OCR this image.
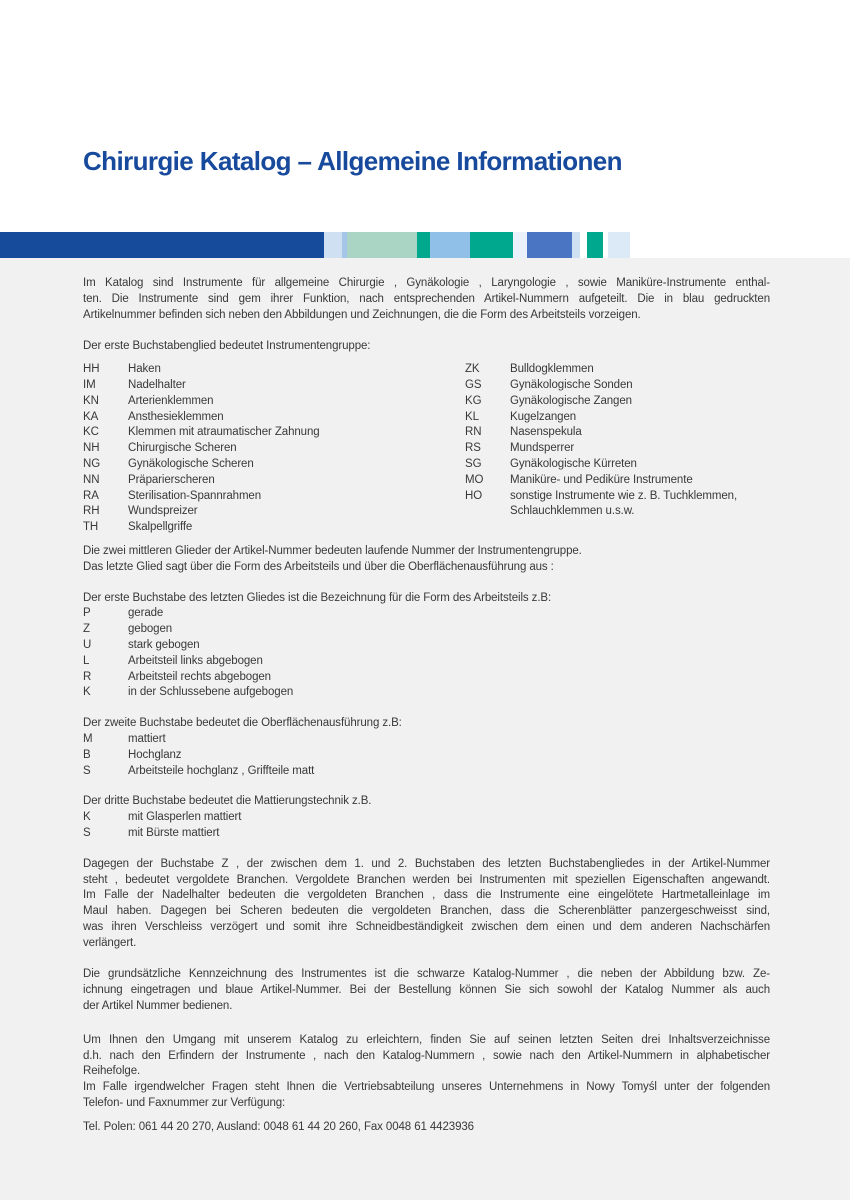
Chirurgie Katalog – Allgemeine Informationen
Im Katalog sind Instrumente für allgemeine Chirurgie , Gynäkologie , Laryngologie , sowie Maniküre-Instrumente enthal-
ten. Die Instrumente sind gem ihrer Funktion, nach entsprechenden Artikel-Nummern aufgeteilt. Die in blau gedruckten
Artikelnummer befinden sich neben den Abbildungen und Zeichnungen, die die Form des Arbeitsteils vorzeigen.
Der erste Buchstabenglied bedeutet Instrumentengruppe:
HH	Haken
IM	Nadelhalter
KN	Arterienklemmen
KA	Ansthesieklemmen
KC	Klemmen mit atraumatischer Zahnung
NH	Chirurgische Scheren
NG	Gynäkologische Scheren
NN	Präparierscheren
RA	Sterilisation-Spannrahmen
RH	Wundspreizer
TH	Skalpellgriffe
ZK	Bulldogklemmen
GS	Gynäkologische Sonden
KG	Gynäkologische Zangen
KL	Kugelzangen
RN	Nasenspekula
RS	Mundsperrer
SG	Gynäkologische Kürreten
MO	Maniküre- und Pediküre Instrumente
HO	sonstige Instrumente wie z. B. Tuchklemmen,
Schlauchklemmen u.s.w.
Die zwei mittleren Glieder der Artikel-Nummer bedeuten laufende Nummer der Instrumentengruppe.
Das letzte Glied sagt über die Form des Arbeitsteils und über die Oberflächenausführung aus :
Der erste Buchstabe des letzten Gliedes ist die Bezeichnung für die Form des Arbeitsteils z.B:
P	gerade
Z	gebogen
U	stark gebogen
L	Arbeitsteil links abgebogen
R	Arbeitsteil rechts abgebogen
K	in der Schlussebene aufgebogen
Der zweite Buchstabe bedeutet die Oberflächenausführung z.B:
M	mattiert
B	Hochglanz
S	Arbeitsteile hochglanz , Griffteile matt
Der dritte Buchstabe bedeutet die Mattierungstechnik z.B.
K	mit Glasperlen mattiert
S	mit Bürste mattiert
Dagegen der Buchstabe Z , der zwischen dem 1. und 2. Buchstaben des letzten Buchstabengliedes in der Artikel-Nummer
steht , bedeutet vergoldete Branchen. Vergoldete Branchen werden bei Instrumenten mit speziellen Eigenschaften angewandt.
Im Falle der Nadelhalter bedeuten die vergoldeten Branchen , dass die Instrumente eine eingelötete Hartmetalleinlage im
Maul haben. Dagegen bei Scheren bedeuten die vergoldeten Branchen, dass die Scherenblätter panzergeschweisst sind,
was ihren Verschleiss verzögert und somit ihre Schneidbeständigkeit zwischen dem einen und dem anderen Nachschärfen
verlängert.
Die grundsätzliche Kennzeichnung des Instrumentes ist die schwarze Katalog-Nummer , die neben der Abbildung bzw. Ze-
ichnung eingetragen und blaue Artikel-Nummer. Bei der Bestellung können Sie sich sowohl der Katalog Nummer als auch
der Artikel Nummer bedienen.
Um Ihnen den Umgang mit unserem Katalog zu erleichtern, finden Sie auf seinen letzten Seiten drei Inhaltsverzeichnisse
d.h. nach den Erfindern der Instrumente , nach den Katalog-Nummern , sowie nach den Artikel-Nummern in alphabetischer
Reihefolge.
Im Falle irgendwelcher Fragen steht Ihnen die Vertriebsabteilung unseres Unternehmens in Nowy Tomyśl unter der folgenden
Telefon- und Faxnummer zur Verfügung:
Tel. Polen: 061 44 20 270, Ausland: 0048 61 44 20 260, Fax 0048 61 4423936
